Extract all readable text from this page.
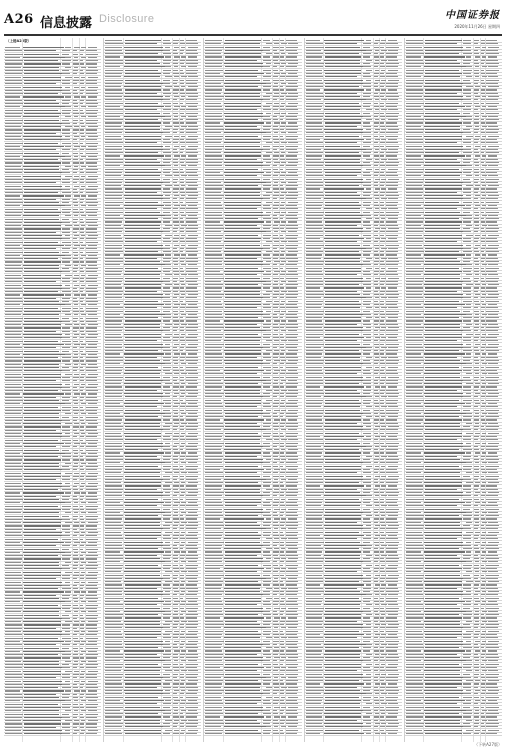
A26 信息披露 Disclosure	中国证券报
2020年11月26日 星期四
（上接A25版）
（下转A27版）
